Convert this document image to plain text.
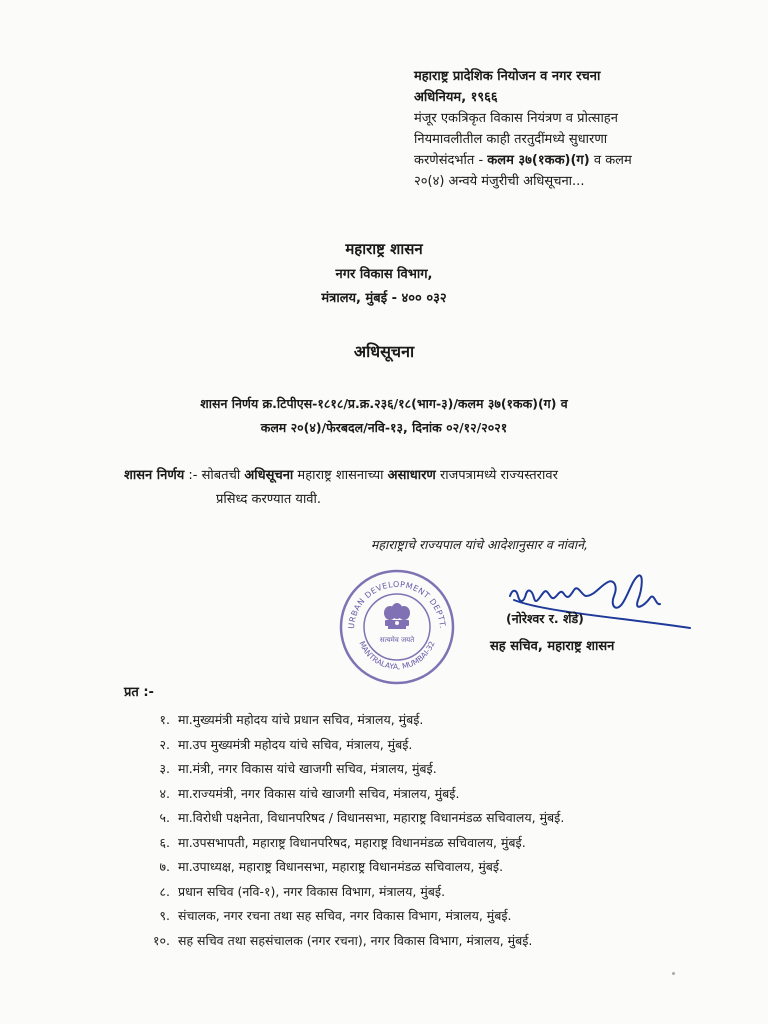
महाराष्ट्र प्रादेशिक नियोजन व नगर रचना
अधिनियम, १९६६
मंजूर एकत्रिकृत विकास नियंत्रण व प्रोत्साहन
नियमावलीतील काही तरतुदींमध्ये सुधारणा
करणेसंदर्भात - कलम ३७(१कक)(ग) व कलम
२०(४) अन्वये मंजुरीची अधिसूचना...
महाराष्ट्र शासन
नगर विकास विभाग,
मंत्रालय, मुंबई - ४०० ०३२
अधिसूचना
शासन निर्णय क्र.टिपीएस-१८१८/प्र.क्र.२३६/१८(भाग-३)/कलम ३७(१कक)(ग) व
कलम २०(४)/फेरबदल/नवि-१३, दिनांक ०२/१२/२०२१
शासन निर्णय :- सोबतची अधिसूचना महाराष्ट्र शासनाच्या असाधारण राजपत्रामध्ये राज्यस्तरावर
प्रसिध्द करण्यात यावी.
महाराष्ट्राचे राज्यपाल यांचे आदेशानुसार व नांवाने,
URBAN DEVELOPMENT DEPTT.
MANTRALAYA, MUMBAI-32
सत्यमेव जयते
(नोरेश्वर र. शेंडे)
सह सचिव, महाराष्ट्र शासन
प्रत :-
१. मा.मुख्यमंत्री महोदय यांचे प्रधान सचिव, मंत्रालय, मुंबई.
२. मा.उप मुख्यमंत्री महोदय यांचे सचिव, मंत्रालय, मुंबई.
३. मा.मंत्री, नगर विकास यांचे खाजगी सचिव, मंत्रालय, मुंबई.
४. मा.राज्यमंत्री, नगर विकास यांचे खाजगी सचिव, मंत्रालय, मुंबई.
५. मा.विरोधी पक्षनेता, विधानपरिषद / विधानसभा, महाराष्ट्र विधानमंडळ सचिवालय, मुंबई.
६. मा.उपसभापती, महाराष्ट्र विधानपरिषद, महाराष्ट्र विधानमंडळ सचिवालय, मुंबई.
७. मा.उपाध्यक्ष, महाराष्ट्र विधानसभा, महाराष्ट्र विधानमंडळ सचिवालय, मुंबई.
८. प्रधान सचिव (नवि-१), नगर विकास विभाग, मंत्रालय, मुंबई.
९. संचालक, नगर रचना तथा सह सचिव, नगर विकास विभाग, मंत्रालय, मुंबई.
१०. सह सचिव तथा सहसंचालक (नगर रचना), नगर विकास विभाग, मंत्रालय, मुंबई.
